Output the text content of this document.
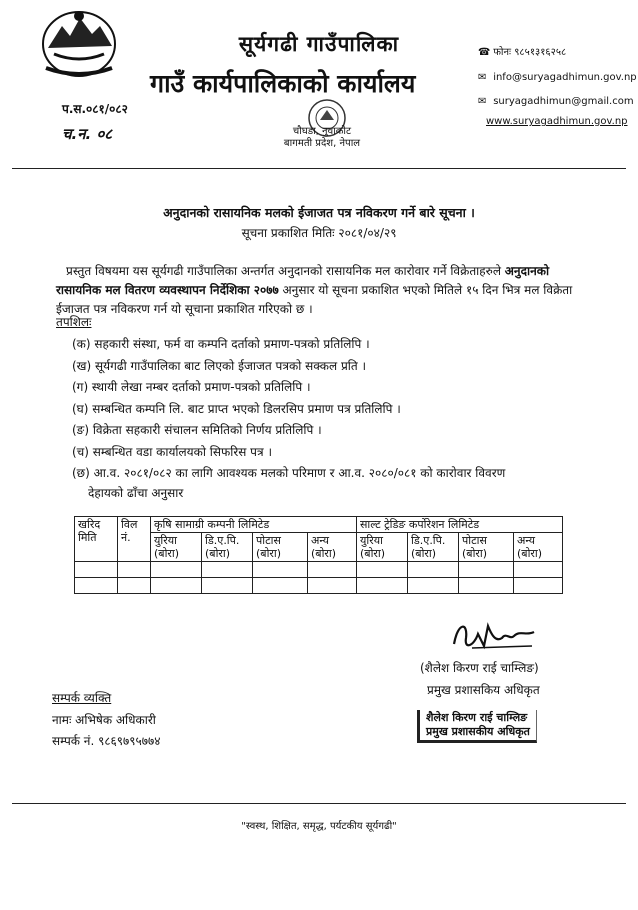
सूर्यगढी गाउँपालिका
गाउँ कार्यपालिकाको कार्यालय
☎ फोनः ९८५१३१६२५८
✉ info@suryagadhimun.gov.np
✉ suryagadhimun@gmail.com
www.suryagadhimun.gov.np
प.स.०८१/०८२
च.न. ०८	चौघडा, नुवाकोट
बागमती प्रदेश, नेपाल
अनुदानको रासायनिक मलको ईजाजत पत्र नविकरण गर्ने बारे सूचना ।
सूचना प्रकाशित मितिः २०८१/०४/२९
प्रस्तुत विषयमा यस सूर्यगढी गाउँपालिका अन्तर्गत अनुदानको रासायनिक मल कारोवार गर्ने विक्रेताहरुले अनुदानको रासायनिक मल वितरण व्यवस्थापन निर्देशिका २०७७ अनुसार यो सूचना प्रकाशित भएको मितिले १५ दिन भित्र मल विक्रेता ईजाजत पत्र नविकरण गर्न यो सूचाना प्रकाशित गरिएको छ ।
तपशिलः
(क) सहकारी संस्था, फर्म वा कम्पनि दर्ताको प्रमाण-पत्रको प्रतिलिपि ।
(ख) सूर्यगढी गाउँपालिका बाट लिएको ईजाजत पत्रको सक्कल प्रति ।
(ग) स्थायी लेखा नम्बर दर्ताको प्रमाण-पत्रको प्रतिलिपि ।
(घ) सम्बन्धित कम्पनि लि. बाट प्राप्त भएको डिलरसिप प्रमाण पत्र प्रतिलिपि ।
(ङ) विक्रेता सहकारी संचालन समितिको निर्णय प्रतिलिपि ।
(च) सम्बन्धित वडा कार्यालयको सिफरिस पत्र ।
(छ) आ.व. २०८१/०८२ का लागि आवश्यक मलको परिमाण र आ.व. २०८०/०८१ को कारोवार विवरण
देहायको ढाँचा अनुसार
खरिद मिति	विल नं.	कृषि सामाग्री कम्पनी लिमिटेड				साल्ट ट्रेडिङ कर्पोरेशन लिमिटेड			
		युरिया (बोरा)	डि.ए.पि. (बोरा)	पोटास (बोरा)	अन्य (बोरा)	युरिया (बोरा)	डि.ए.पि. (बोरा)	पोटास (बोरा)	अन्य (बोरा)

(शैलेश किरण राई चाम्लिङ)
प्रमुख प्रशासकिय अधिकृत
शैलेश किरण राई चाम्लिङ
प्रमुख प्रशासकीय अधिकृत
सम्पर्क व्यक्ति
नामः अभिषेक अधिकारी
सम्पर्क नं. ९८६९७९५७७४
"स्वस्थ, शिक्षित, समृद्ध, पर्यटकीय सूर्यगढी"
